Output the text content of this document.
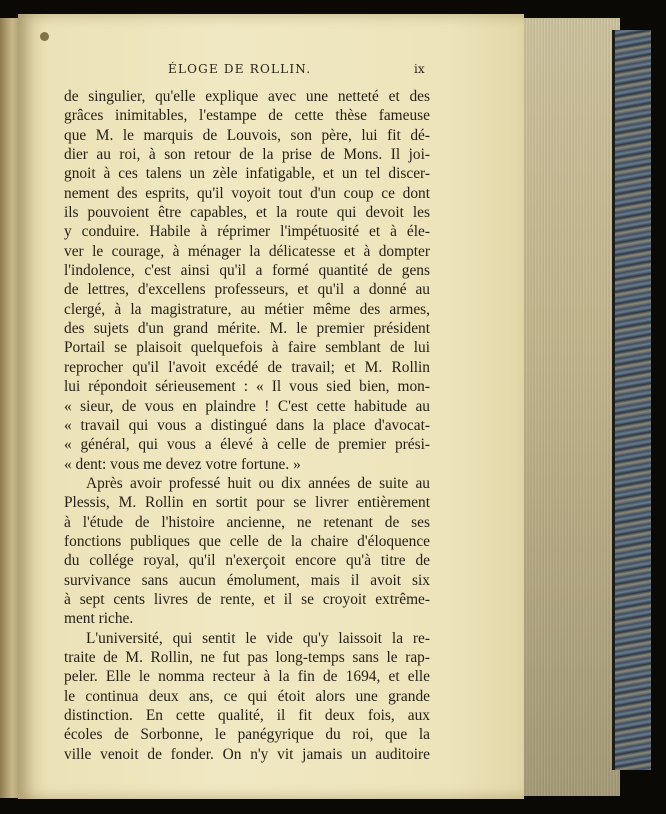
ÉLOGE DE ROLLIN.	ix
de singulier, qu'elle explique avec une netteté et des
grâces inimitables, l'estampe de cette thèse fameuse
que M. le marquis de Louvois, son père, lui fit dé-
dier au roi, à son retour de la prise de Mons. Il joi-
gnoit à ces talens un zèle infatigable, et un tel discer-
nement des esprits, qu'il voyoit tout d'un coup ce dont
ils pouvoient être capables, et la route qui devoit les
y conduire. Habile à réprimer l'impétuosité et à éle-
ver le courage, à ménager la délicatesse et à dompter
l'indolence, c'est ainsi qu'il a formé quantité de gens
de lettres, d'excellens professeurs, et qu'il a donné au
clergé, à la magistrature, au métier même des armes,
des sujets d'un grand mérite. M. le premier président
Portail se plaisoit quelquefois à faire semblant de lui
reprocher qu'il l'avoit excédé de travail; et M. Rollin
lui répondoit sérieusement : « Il vous sied bien, mon-
« sieur, de vous en plaindre ! C'est cette habitude au
« travail qui vous a distingué dans la place d'avocat-
« général, qui vous a élevé à celle de premier prési-
« dent: vous me devez votre fortune. »
Après avoir professé huit ou dix années de suite au
Plessis, M. Rollin en sortit pour se livrer entièrement
à l'étude de l'histoire ancienne, ne retenant de ses
fonctions publiques que celle de la chaire d'éloquence
du collége royal, qu'il n'exerçoit encore qu'à titre de
survivance sans aucun émolument, mais il avoit six
à sept cents livres de rente, et il se croyoit extrême-
ment riche.
L'université, qui sentit le vide qu'y laissoit la re-
traite de M. Rollin, ne fut pas long-temps sans le rap-
peler. Elle le nomma recteur à la fin de 1694, et elle
le continua deux ans, ce qui étoit alors une grande
distinction. En cette qualité, il fit deux fois, aux
écoles de Sorbonne, le panégyrique du roi, que la
ville venoit de fonder. On n'y vit jamais un auditoire
